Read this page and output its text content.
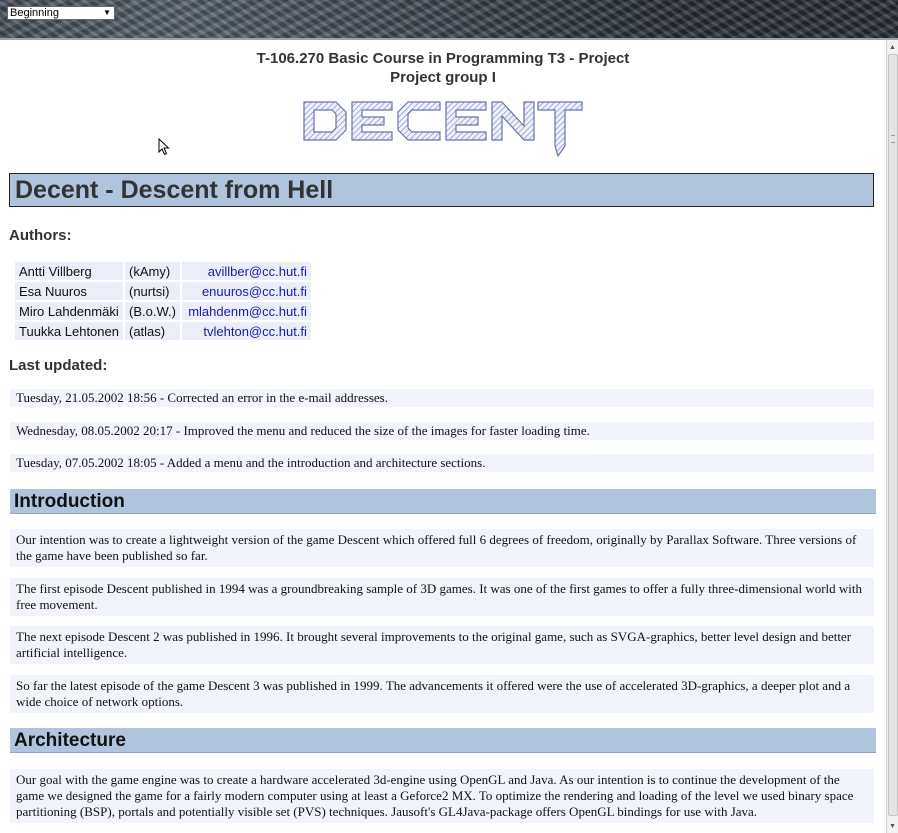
Beginning	▼
T-106.270 Basic Course in Programming T3 - Project
Project group I
Decent - Descent from Hell
Authors:
Antti Villberg	(kAmy)	avillber@cc.hut.fi
Esa Nuuros	(nurtsi)	enuuros@cc.hut.fi
Miro Lahdenmäki	(B.o.W.)	mlahdenm@cc.hut.fi
Tuukka Lehtonen	(atlas)	tvlehton@cc.hut.fi
Last updated:
Tuesday, 21.05.2002 18:56 - Corrected an error in the e-mail addresses.
Wednesday, 08.05.2002 20:17 - Improved the menu and reduced the size of the images for faster loading time.
Tuesday, 07.05.2002 18:05 - Added a menu and the introduction and architecture sections.
Introduction
Our intention was to create a lightweight version of the game Descent which offered full 6 degrees of freedom, originally by Parallax Software. Three versions of the game have been published so far.
The first episode Descent published in 1994 was a groundbreaking sample of 3D games. It was one of the first games to offer a fully three-dimensional world with free movement.
The next episode Descent 2 was published in 1996. It brought several improvements to the original game, such as SVGA-graphics, better level design and better artificial intelligence.
So far the latest episode of the game Descent 3 was published in 1999. The advancements it offered were the use of accelerated 3D-graphics, a deeper plot and a wide choice of network options.
Architecture
Our goal with the game engine was to create a hardware accelerated 3d-engine using OpenGL and Java. As our intention is to continue the development of the game we designed the game for a fairly modern computer using at least a Geforce2 MX. To optimize the rendering and loading of the level we used binary space partitioning (BSP), portals and potentially visible set (PVS) techniques. Jausoft's GL4Java-package offers OpenGL bindings for use with Java.
▲
▼
